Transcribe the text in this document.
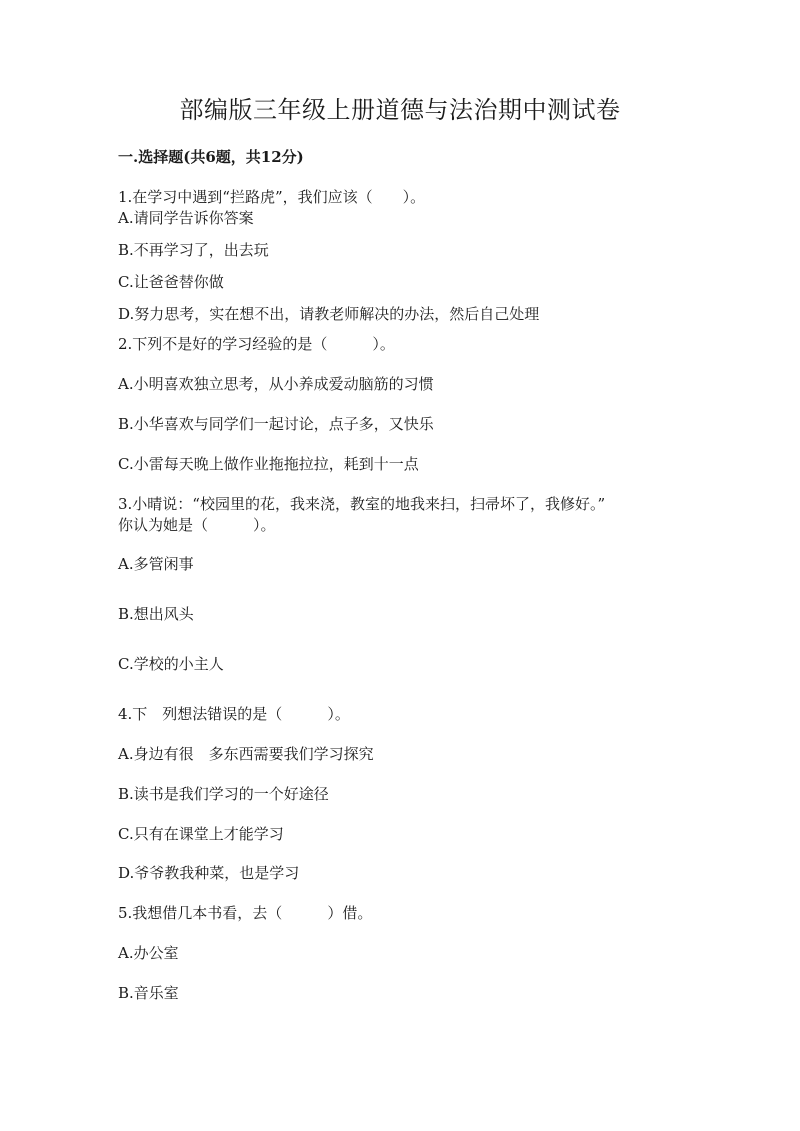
部编版三年级上册道德与法治期中测试卷
一.选择题(共6题，共12分)
1.在学习中遇到“拦路虎”，我们应该（　　）。
A.请同学告诉你答案
B.不再学习了，出去玩
C.让爸爸替你做
D.努力思考，实在想不出，请教老师解决的办法，然后自己处理
2.下列不是好的学习经验的是（　　　）。
A.小明喜欢独立思考，从小养成爱动脑筋的习惯
B.小华喜欢与同学们一起讨论，点子多，又快乐
C.小雷每天晚上做作业拖拖拉拉，耗到十一点
3.小晴说：“校园里的花，我来浇，教室的地我来扫，扫帚坏了，我修好。”
你认为她是（　　　）。
A.多管闲事
B.想出风头
C.学校的小主人
4.下　列想法错误的是（　　　）。
A.身边有很　多东西需要我们学习探究
B.读书是我们学习的一个好途径
C.只有在课堂上才能学习
D.爷爷教我种菜，也是学习
5.我想借几本书看，去（　　　）借。
A.办公室
B.音乐室
